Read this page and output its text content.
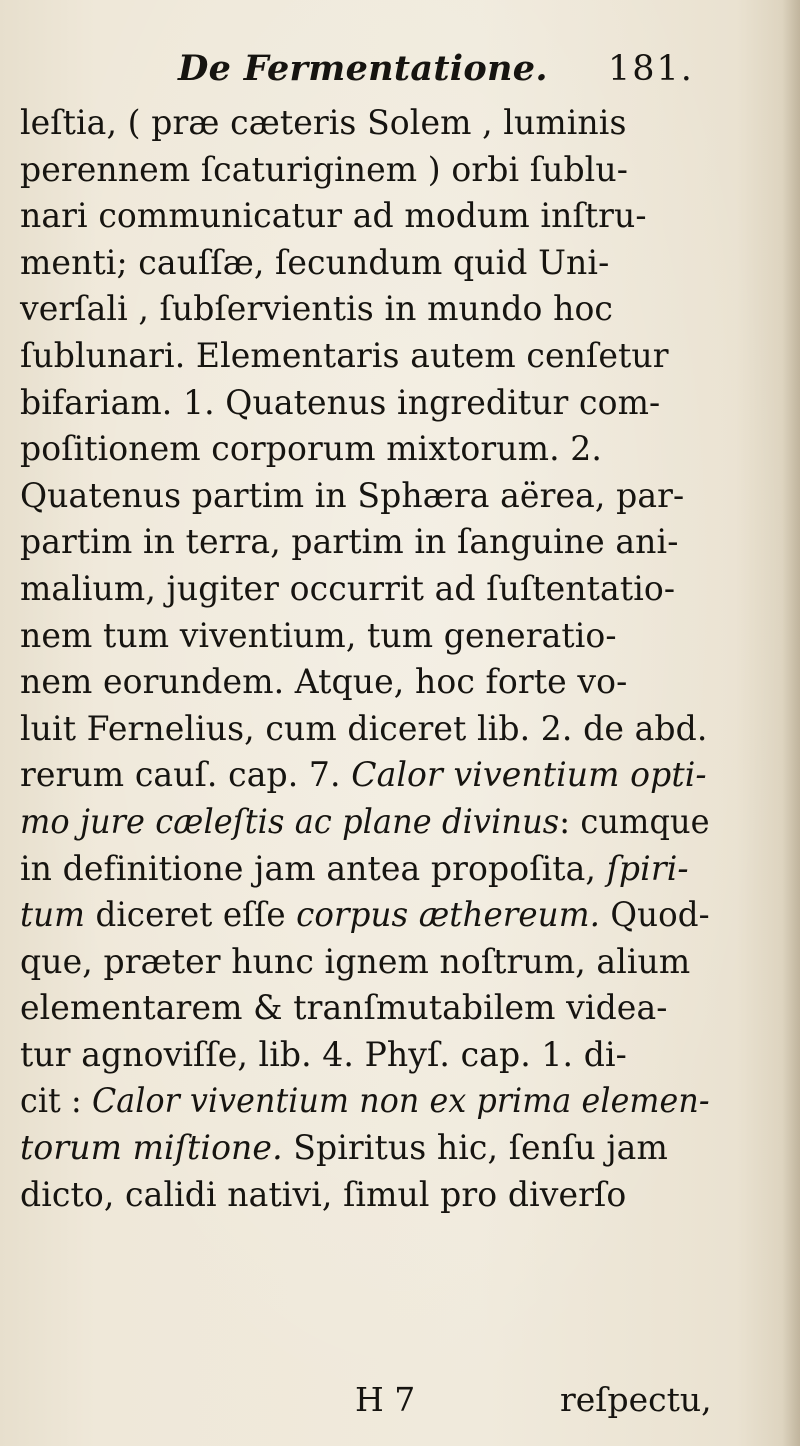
De Fermentatione. 181.
leſtia, ( præ cæteris Solem , luminis
perennem ſcaturiginem ) orbi ſublu-
nari communicatur ad modum inſtru-
menti; cauſſæ, ſecundum quid Uni-
verſali , ſubſervientis in mundo hoc
ſublunari. Elementaris autem cenſetur
bifariam. 1. Quatenus ingreditur com-
poſitionem corporum mixtorum. 2.
Quatenus partim in Sphæra aërea, par-
partim in terra, partim in ſanguine ani-
malium, jugiter occurrit ad ſuſtentatio-
nem tum viventium, tum generatio-
nem eorundem. Atque, hoc forte vo-
luit Fernelius, cum diceret lib. 2. de abd.
rerum cauſ. cap. 7. Calor viventium opti-
mo jure cæleſtis ac plane divinus: cumque
in definitione jam antea propoſita, ſpiri-
tum diceret eſſe corpus æthereum. Quod-
que, præter hunc ignem noſtrum, alium
elementarem & tranſmutabilem videa-
tur agnoviſſe, lib. 4. Phyſ. cap. 1. di-
cit : Calor viventium non ex prima elemen-
torum miſtione. Spiritus hic, ſenſu jam
dicto, calidi nativi, ſimul pro diverſo
H 7	reſpectu,
